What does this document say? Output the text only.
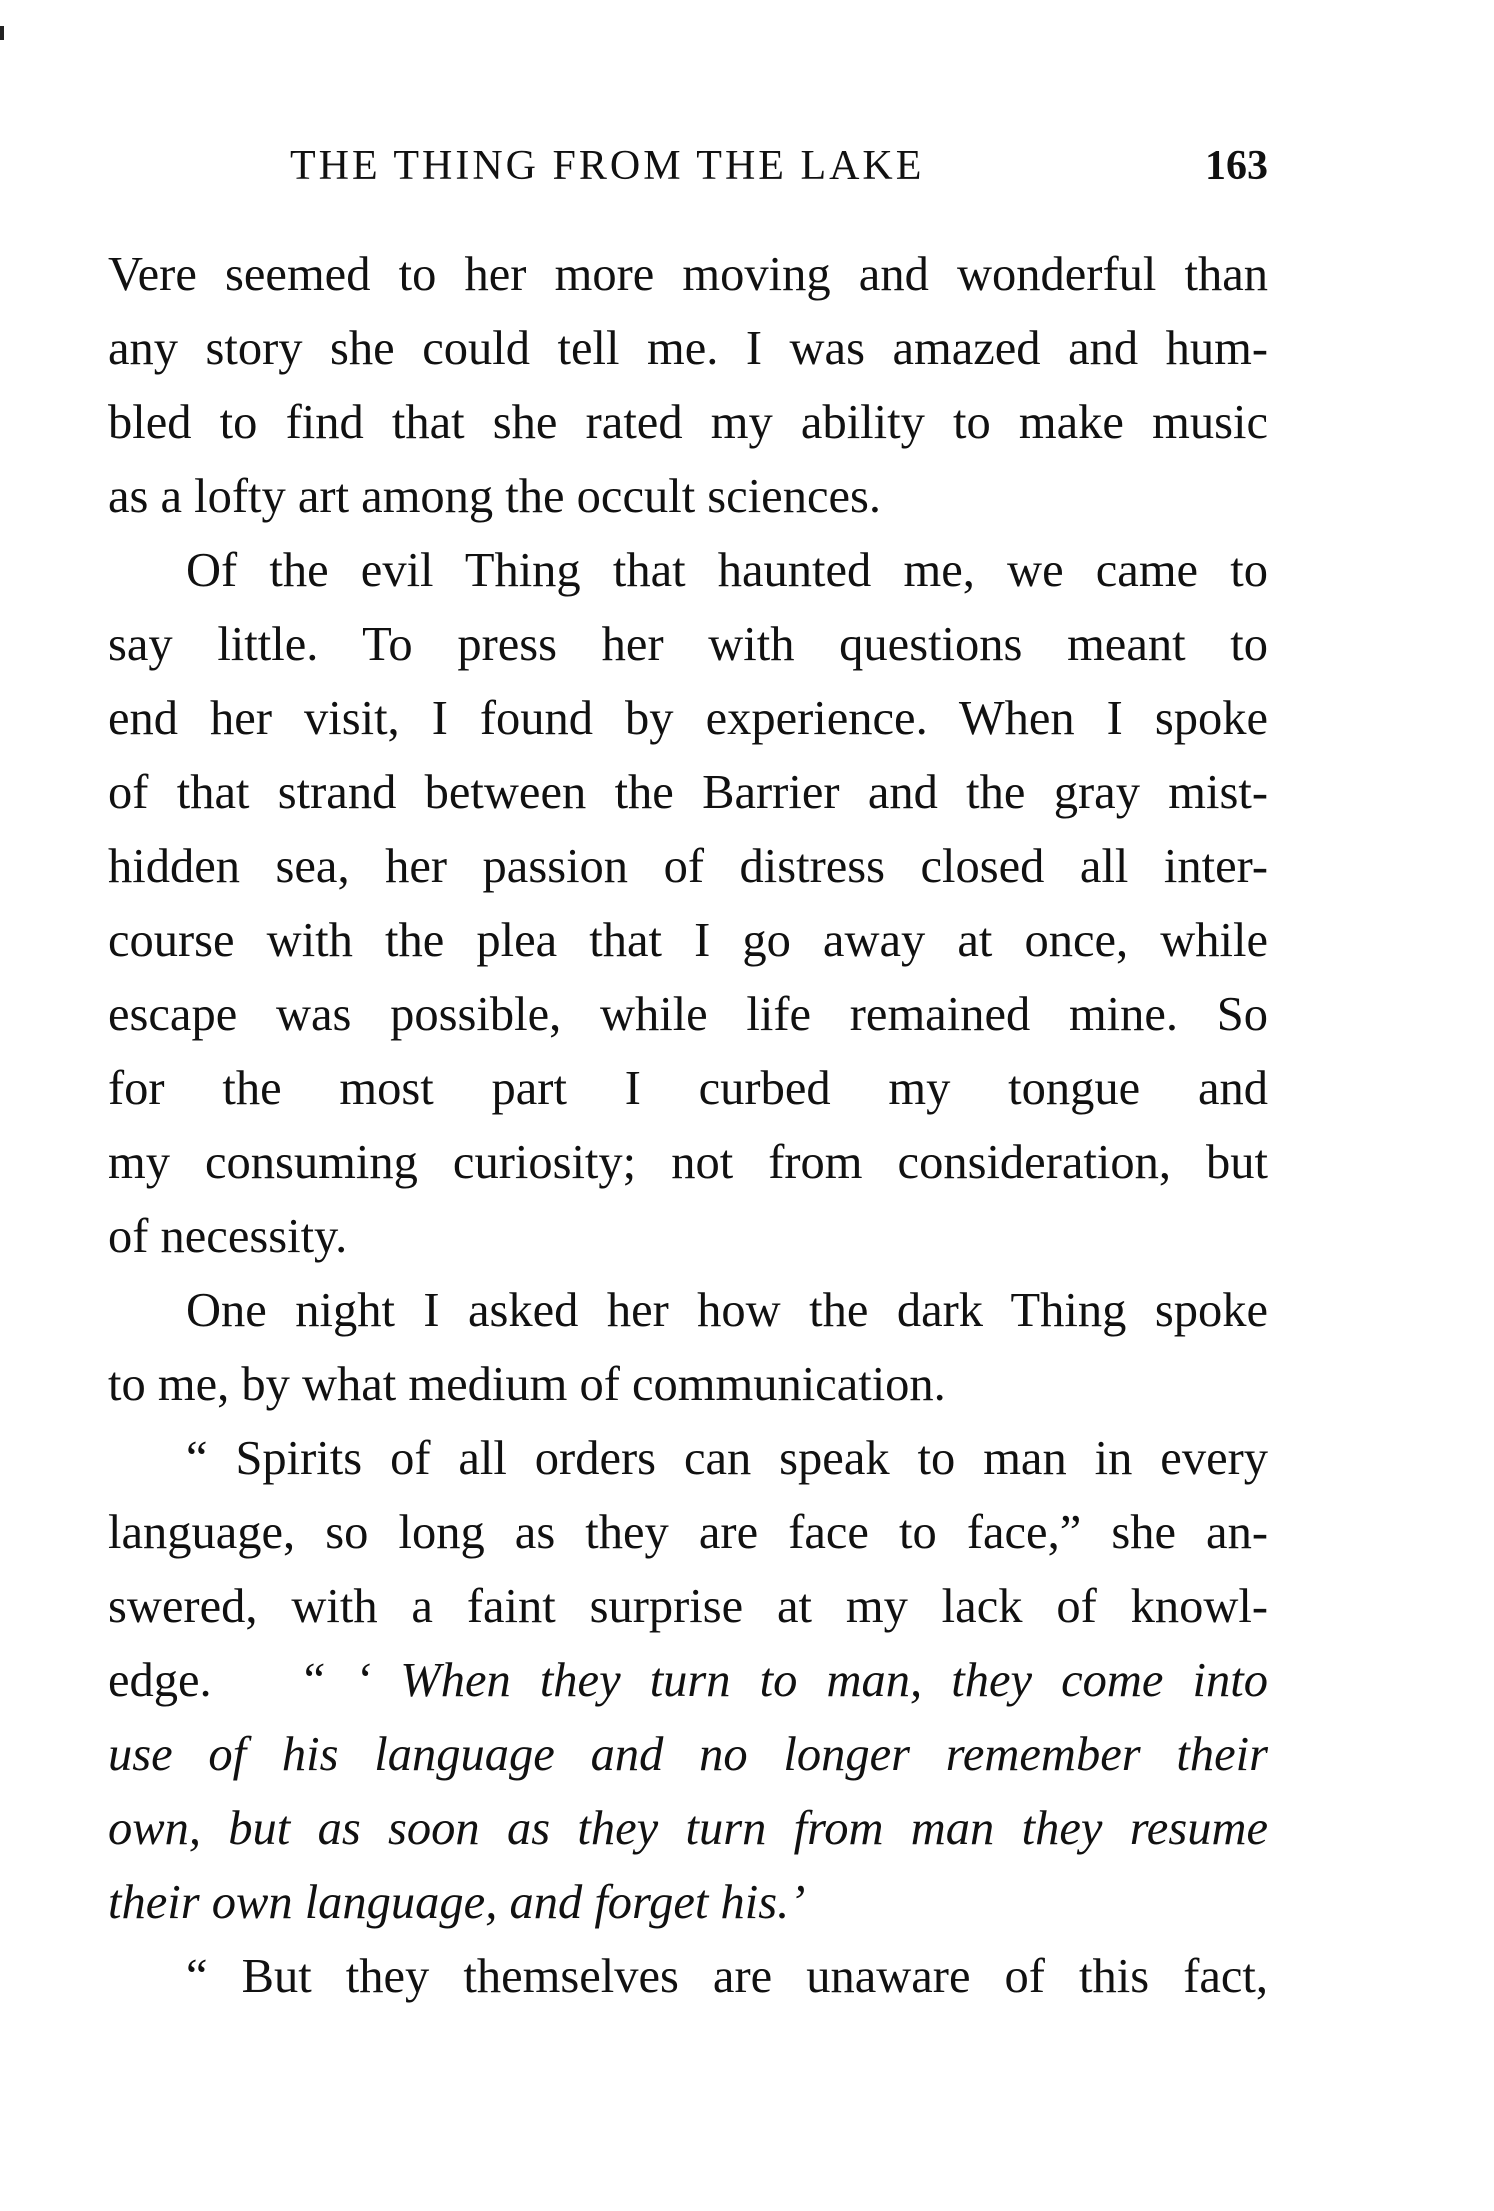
THE THING FROM THE LAKE	163
Vere seemed to her more moving and wonderful than
any story she could tell me. I was amazed and hum-
bled to find that she rated my ability to make music
as a lofty art among the occult sciences.
Of the evil Thing that haunted me, we came to
say little. To press her with questions meant to
end her visit, I found by experience. When I spoke
of that strand between the Barrier and the gray mist-
hidden sea, her passion of distress closed all inter-
course with the plea that I go away at once, while
escape was possible, while life remained mine. So
for the most part I curbed my tongue and
my consuming curiosity; not from consideration, but
of necessity.
One night I asked her how the dark Thing spoke
to me, by what medium of communication.
“ Spirits of all orders can speak to man in every
language, so long as they are face to face,” she an-
swered, with a faint surprise at my lack of knowl-
edge. “ ‘ When they turn to man, they come into
use of his language and no longer remember their
own, but as soon as they turn from man they resume
their own language, and forget his.’
“ But they themselves are unaware of this fact,
